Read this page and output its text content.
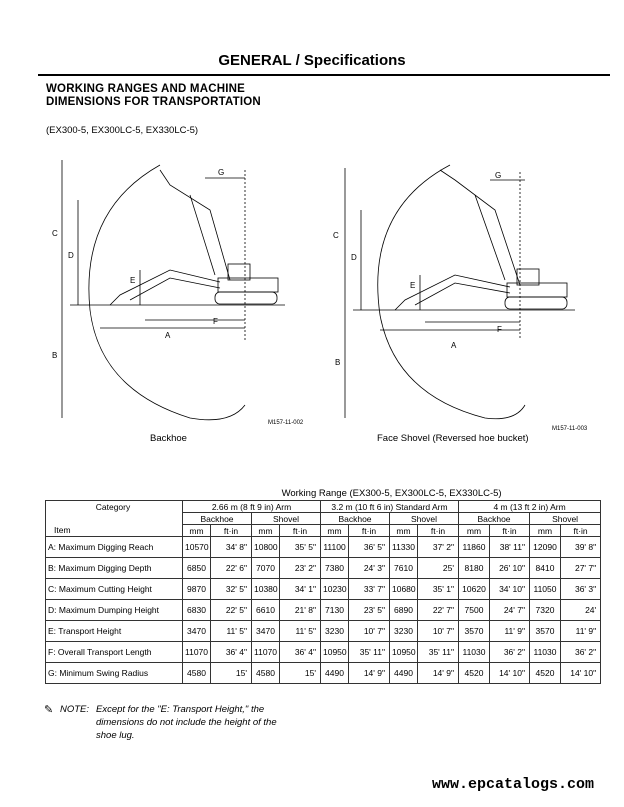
GENERAL / Specifications
WORKING RANGES AND MACHINE
DIMENSIONS FOR TRANSPORTATION
(EX300-5, EX300LC-5, EX330LC-5)
C
D
B
E
F
A
G
M157-11-002
Backhoe
C
D
B
E
F
A
G
M157-11-003
Face Shovel (Reversed hoe bucket)
	Working Range (EX300-5, EX300LC-5, EX330LC-5)											
Category	2.66 m (8 ft 9 in) Arm				3.2 m (10 ft 6 in) Standard Arm				4 m (13 ft 2 in) Arm			
	Backhoe		Shovel		Backhoe		Shovel		Backhoe		Shovel	
Item	mm	ft·in	mm	ft·in	mm	ft·in	mm	ft·in	mm	ft·in	mm	ft·in
A: Maximum Digging Reach	10570	34' 8"	10800	35' 5"	11100	36' 5"	11330	37' 2"	11860	38' 11"	12090	39' 8"
B: Maximum Digging Depth	6850	22' 6"	7070	23' 2"	7380	24' 3"	7610	25'	8180	26' 10"	8410	27' 7"
C: Maximum Cutting Height	9870	32' 5"	10380	34' 1"	10230	33' 7"	10680	35' 1"	10620	34' 10"	11050	36' 3"
D: Maximum Dumping Height	6830	22' 5"	6610	21' 8"	7130	23' 5"	6890	22' 7"	7500	24' 7"	7320	24'
E: Transport Height	3470	11' 5"	3470	11' 5"	3230	10' 7"	3230	10' 7"	3570	11' 9"	3570	11' 9"
F: Overall Transport Length	11070	36' 4"	11070	36' 4"	10950	35' 11"	10950	35' 11"	11030	36' 2"	11030	36' 2"
G: Minimum Swing Radius	4580	15'	4580	15'	4490	14' 9"	4490	14' 9"	4520	14' 10"	4520	14' 10"
✎ NOTE: Except for the "E: Transport Height," the
dimensions do not include the height of the
shoe lug.
www.epcatalogs.com
